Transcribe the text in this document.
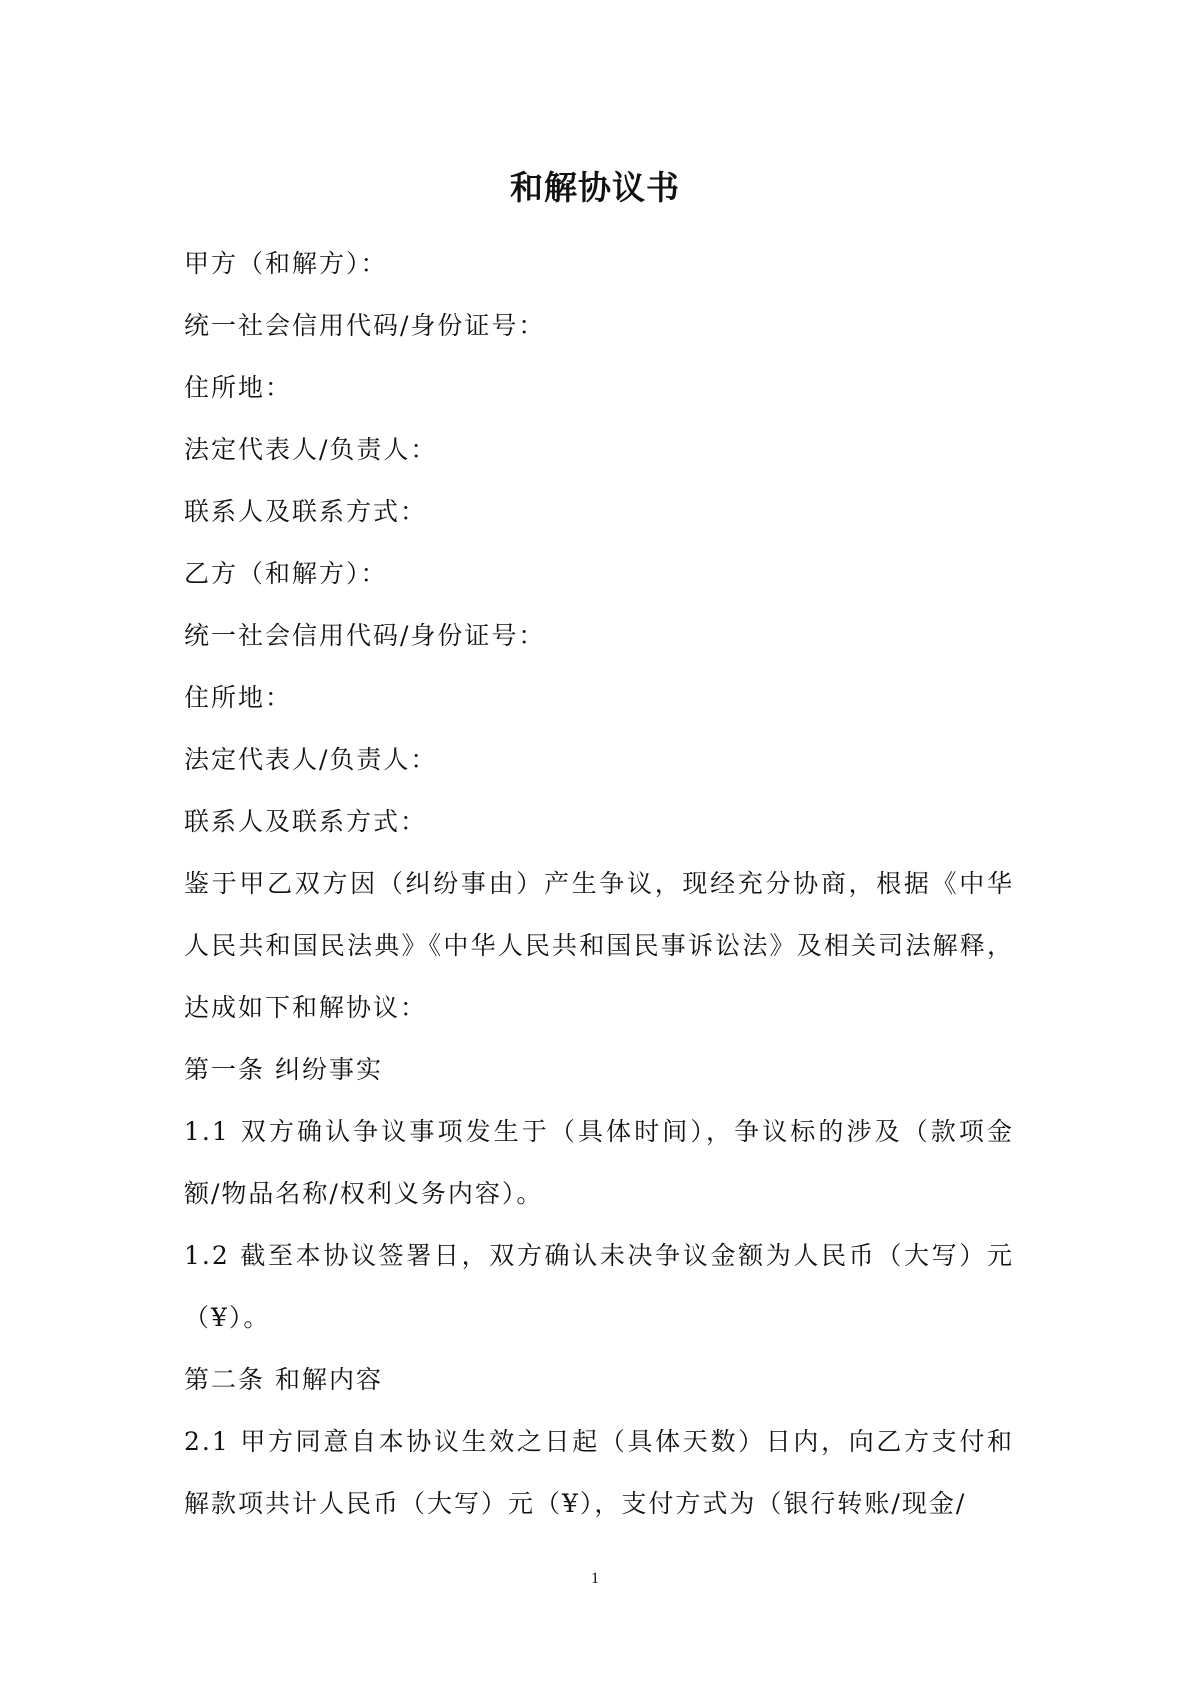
和解协议书
甲方（和解方）：
统一社会信用代码/身份证号：
住所地：
法定代表人/负责人：
联系人及联系方式：
乙方（和解方）：
统一社会信用代码/身份证号：
住所地：
法定代表人/负责人：
联系人及联系方式：

鉴于甲乙双方因（纠纷事由）产生争议，现经充分协商，根据《中华人民共和国民法典》《中华人民共和国民事诉讼法》及相关司法解释，达成如下和解协议：

第一条 纠纷事实

1.1 双方确认争议事项发生于（具体时间），争议标的涉及（款项金额/物品名称/权利义务内容）。

1.2 截至本协议签署日，双方确认未决争议金额为人民币（大写）元（¥）。

第二条 和解内容

2.1 甲方同意自本协议生效之日起（具体天数）日内，向乙方支付和解款项共计人民币（大写）元（¥），支付方式为（银行转账/现金/

1
